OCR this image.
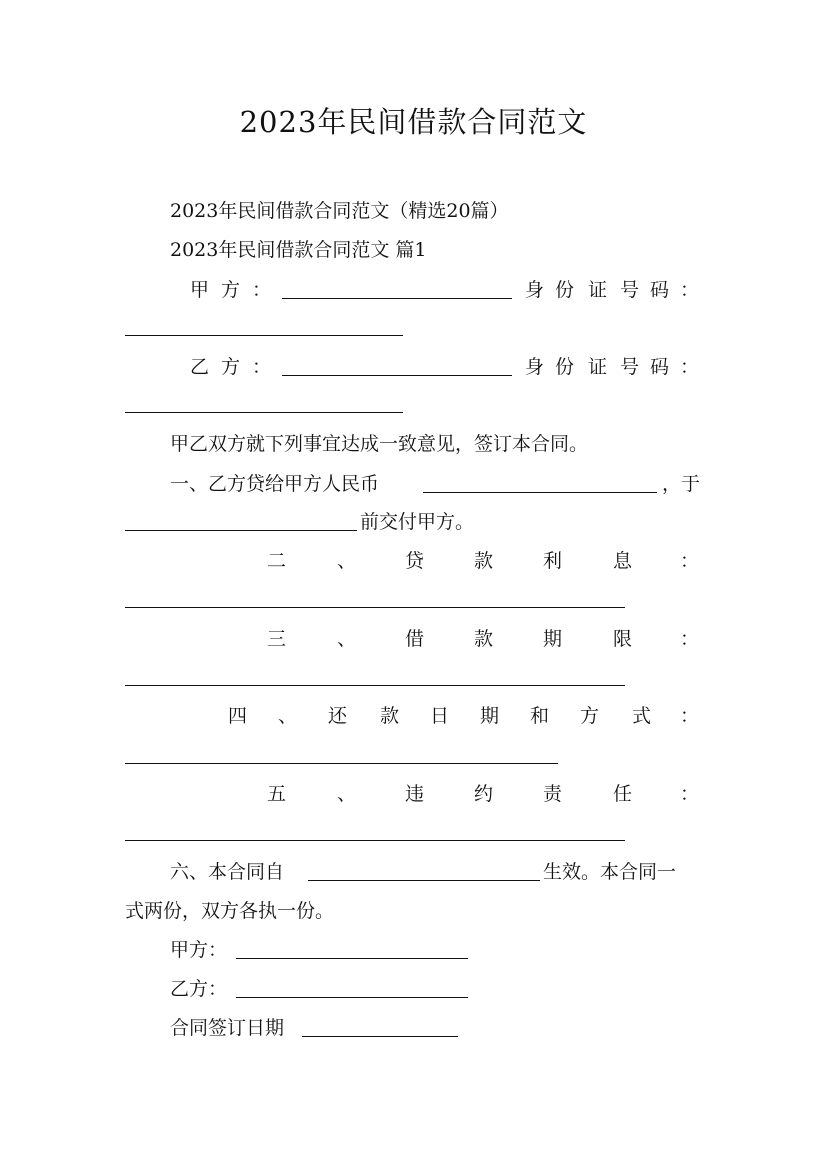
2023年民间借款合同范文
2023年民间借款合同范文（精选20篇）
2023年民间借款合同范文 篇1
甲 方 ：	身 份 证 号 码 ：
乙 方 ：	身 份 证 号 码 ：
甲乙双方就下列事宜达成一致意见，签订本合同。
一、乙方贷给甲方人民币	，于
前交付甲方。
二	、	贷	款	利	息	：
三	、	借	款	期	限	：
四 、 还 款 日 期 和 方 式 ：
五	、	违	约	责	任	：
六、本合同自	生效。本合同一
式两份，双方各执一份。
甲方：
乙方：
合同签订日期
